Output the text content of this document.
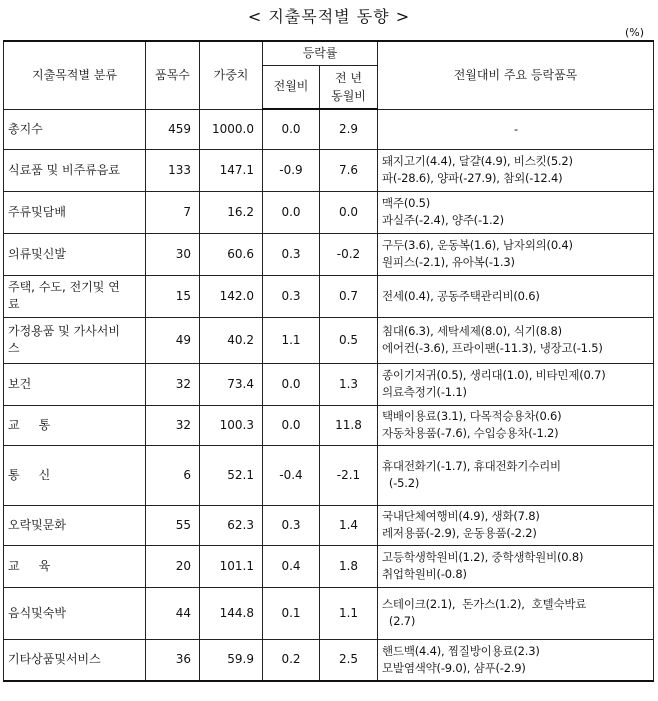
< 지출목적별 동향 >
(%)
지출목적별 분류	품목수	가중치	등락률		전월대비 주요 등락품목
			전월비	전 년
동월비	
총지수	459	1000.0	0.0	2.9	-

식료품 및 비주류음료	133	147.1	-0.9	7.6	돼지고기(4.4), 달걀(4.9), 비스킷(5.2)
파(-28.6), 양파(-27.9), 참외(-12.4)

주류및담배	7	16.2	0.0	0.0	맥주(0.5)
과실주(-2.4), 양주(-1.2)

의류및신발	30	60.6	0.3	-0.2	구두(3.6), 운동복(1.6), 남자외의(0.4)
원피스(-2.1), 유아복(-1.3)

주택, 수도, 전기및 연
료	15	142.0	0.3	0.7	전세(0.4), 공동주택관리비(0.6)

가정용품 및 가사서비
스	49	40.2	1.1	0.5	침대(6.3), 세탁세제(8.0), 식기(8.8)
에어컨(-3.6), 프라이팬(-11.3), 냉장고(-1.5)

보건	32	73.4	0.0	1.3	종이기저귀(0.5), 생리대(1.0), 비타민제(0.7)
의료측정기(-1.1)

교     통	32	100.3	0.0	11.8	택배이용료(3.1), 다목적승용차(0.6)
자동차용품(-7.6), 수입승용차(-1.2)

통     신	6	52.1	-0.4	-2.1	휴대전화기(-1.7), 휴대전화기수리비
(-5.2)

오락및문화	55	62.3	0.3	1.4	국내단체여행비(4.9), 생화(7.8)
레저용품(-2.9), 운동용품(-2.2)

교     육	20	101.1	0.4	1.8	고등학생학원비(1.2), 중학생학원비(0.8)
취업학원비(-0.8)

음식및숙박	44	144.8	0.1	1.1	스테이크(2.1),  돈가스(1.2),  호텔숙박료
(2.7)

기타상품및서비스	36	59.9	0.2	2.5	핸드백(4.4), 찜질방이용료(2.3)
모발염색약(-9.0), 샴푸(-2.9)
